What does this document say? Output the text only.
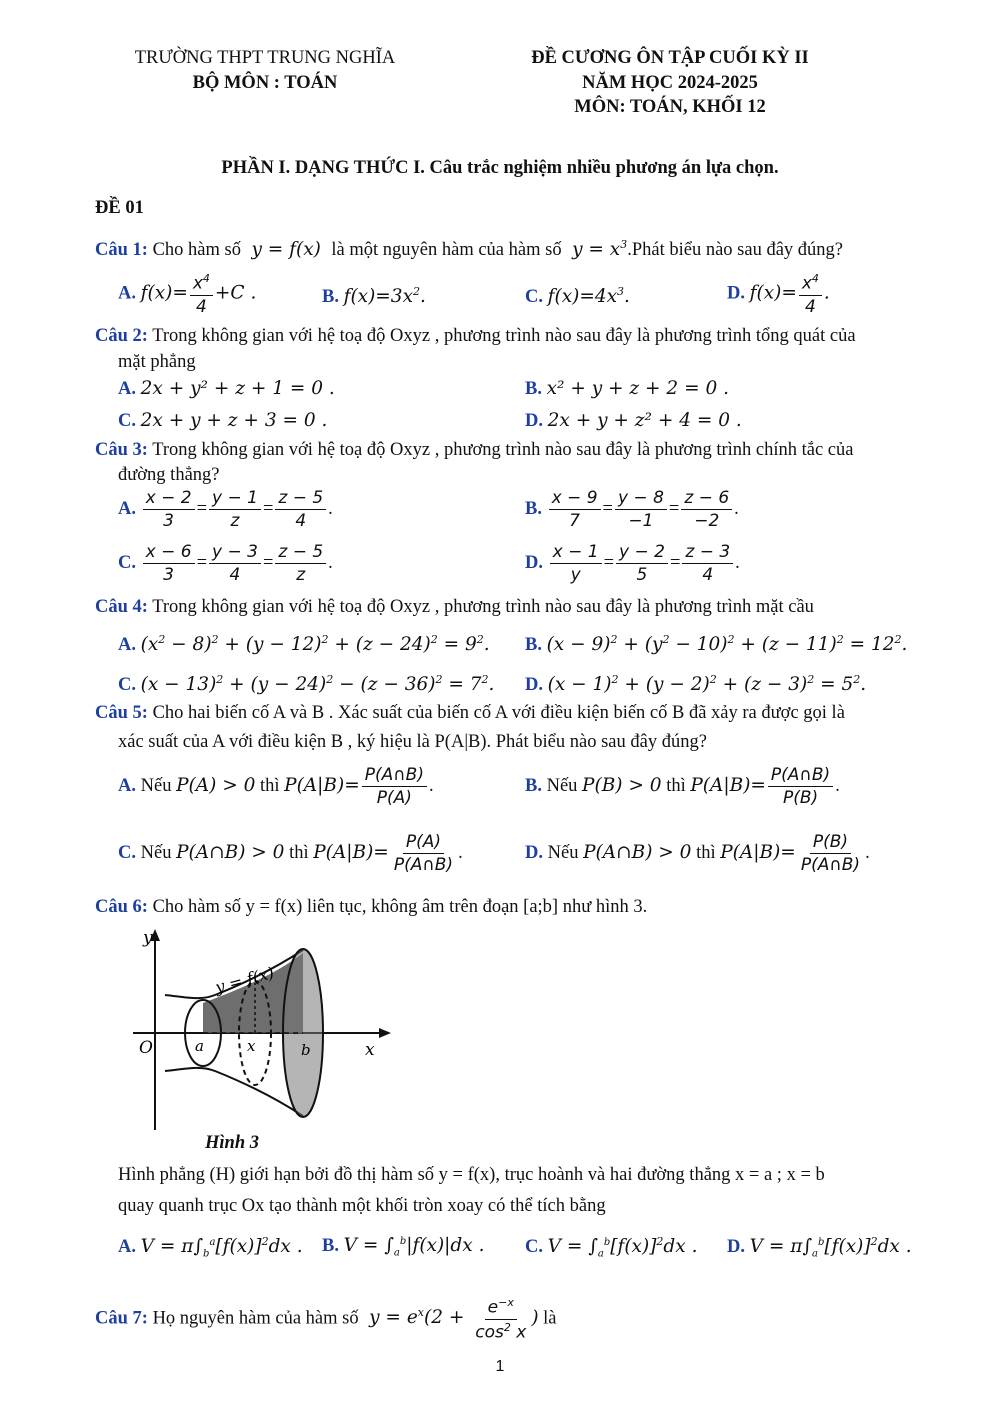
TRƯỜNG THPT TRUNG NGHĨA
BỘ MÔN : TOÁN
ĐỀ CƯƠNG ÔN TẬP CUỐI KỲ II
NĂM HỌC 2024-2025
MÔN: TOÁN, KHỐI 12
PHẦN I. DẠNG THỨC I. Câu trắc nghiệm nhiều phương án lựa chọn.
ĐỀ 01
Câu 1: Cho hàm số  y = f(x)  là một nguyên hàm của hàm số  $y = x^3.Phát$ biểu nào sau đây đúng?
A. $f(x)= \frac{x^4}{4} +C$ .	B. $f(x)=3x^2$.	C. $f(x)=4x^3$.	D. $f(x)= \frac{x^4}{4}$ .
Câu 2: Trong không gian với hệ toạ độ Oxyz , phương trình nào sau đây là phương trình tổng quát của
mặt phẳng
A. 2x + y² + z + 1 = 0 .	B. x² + y + z + 2 = 0 .
C. 2x + y + z + 3 = 0 .	D. 2x + y + z² + 4 = 0 .
Câu 3: Trong không gian với hệ toạ độ Oxyz , phương trình nào sau đây là phương trình chính tắc của
đường thẳng?
A. $\frac{x - 2}{3} = \frac{y - 1}{z} = \frac{z - 5}{4}$ .	B. $\frac{x - 9}{7} = \frac{y - 8}{-1} = \frac{z - 6}{-2}$ .
C. $\frac{x - 6}{3} = \frac{y - 3}{4} = \frac{z - 5}{z}$ .	D. $\frac{x - 1}{y} = \frac{y - 2}{5} = \frac{z - 3}{4}$ .
Câu 4: Trong không gian với hệ toạ độ Oxyz , phương trình nào sau đây là phương trình mặt cầu
A. $(x^2 - 8)^2 + (y - 12)^2 + (z - 24)^2 = 9^2$. B. $(x - 9)^2 + (y^2 - 10)^2 + (z - 11)^2 = 12^2$.
C. $(x - 13)^2 + (y - 24)^2 - (z - 36)^2 = 7^2$. D. $(x - 1)^2 + (y - 2)^2 + (z - 3)^2 = 5^2$.
Câu 5: Cho hai biến cố A và B . Xác suất của biến cố A với điều kiện biến cố B đã xảy ra được gọi là
xác suất của A với điều kiện B , ký hiệu là P(A|B). Phát biểu nào sau đây đúng?
A. Nếu P(A) > 0 thì $P(A|B)= \frac{P(A\cap B)}{P(A)}$ .	B. Nếu P(B) > 0 thì $P(A|B)= \frac{P(A\cap B)}{P(B)}$ .
C. Nếu P(A∩B) > 0 thì $P(A|B)= \frac{P(A)}{P(A\cap B)}$ .	D. Nếu P(A∩B) > 0 thì $P(A|B)= \frac{P(B)}{P(A\cap B)}$ .
Câu 6: Cho hàm số y = f(x) liên tục, không âm trên đoạn [a;b] như hình 3.
y
O	x
y = f(x)
a	x	b
Hình 3
Hình phẳng (H) giới hạn bởi đồ thị hàm số y = f(x), trục hoành và hai đường thẳng x = a ; x = b
quay quanh trục Ox tạo thành một khối tròn xoay có thể tích bằng
A. $V = \pi\int_b^a[f(x)]^2dx$ . B. $V = \int_a^b|f(x)|dx$ . C. $V = \int_a^b[f(x)]^2dx$ . D. $V = \pi\int_a^b[f(x)]^2dx$ .
Câu 7: Họ nguyên hàm của hàm số  $y = e^x(2 + \frac{e^{-x}}{\cos^2 x}$ ) là
1
